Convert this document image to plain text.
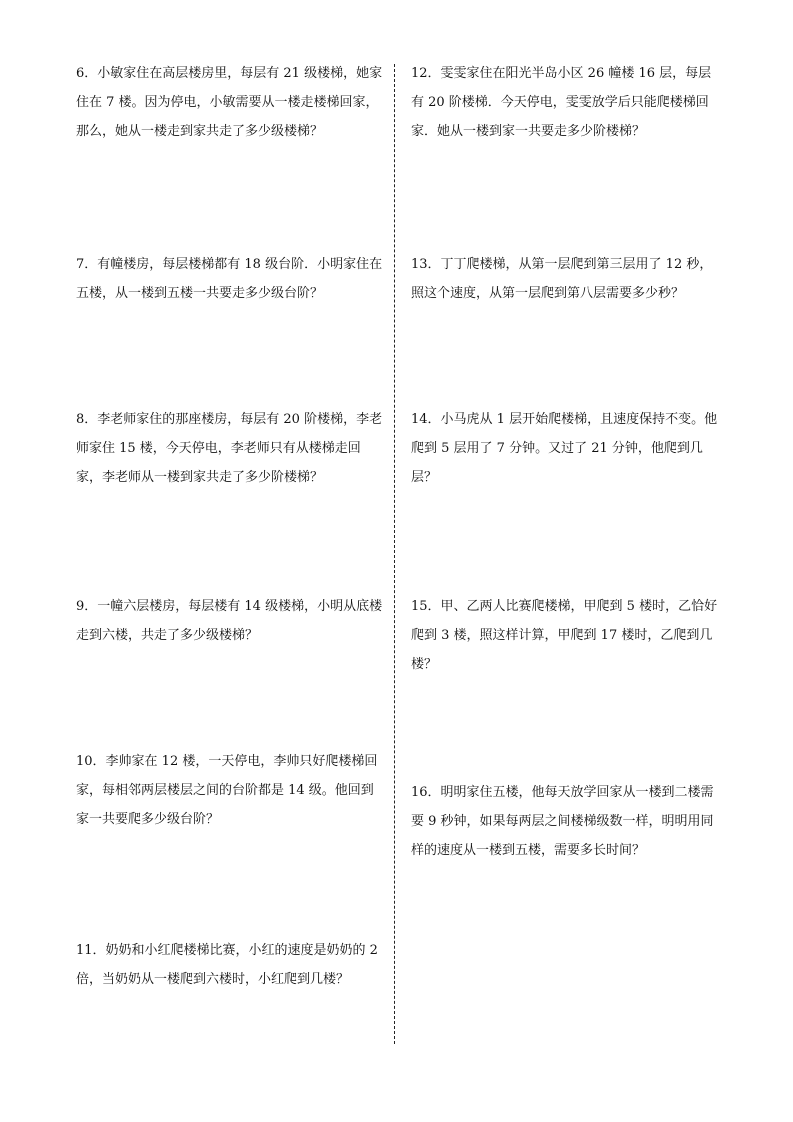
6．小敏家住在高层楼房里，每层有 21 级楼梯，她家住在 7 楼。因为停电，小敏需要从一楼走楼梯回家，那么，她从一楼走到家共走了多少级楼梯？

7．有幢楼房，每层楼梯都有 18 级台阶．小明家住在五楼，从一楼到五楼一共要走多少级台阶？

8．李老师家住的那座楼房，每层有 20 阶楼梯，李老师家住 15 楼，今天停电，李老师只有从楼梯走回家，李老师从一楼到家共走了多少阶楼梯？

9．一幢六层楼房，每层楼有 14 级楼梯，小明从底楼走到六楼，共走了多少级楼梯？

10．李帅家在 12 楼，一天停电，李帅只好爬楼梯回家，每相邻两层楼层之间的台阶都是 14 级。他回到家一共要爬多少级台阶？

11．奶奶和小红爬楼梯比赛，小红的速度是奶奶的 2 倍，当奶奶从一楼爬到六楼时，小红爬到几楼？

12．雯雯家住在阳光半岛小区 26 幢楼 16 层，每层有 20 阶楼梯．今天停电，雯雯放学后只能爬楼梯回家．她从一楼到家一共要走多少阶楼梯？

13．丁丁爬楼梯，从第一层爬到第三层用了 12 秒，照这个速度，从第一层爬到第八层需要多少秒？

14．小马虎从 1 层开始爬楼梯，且速度保持不变。他爬到 5 层用了 7 分钟。又过了 21 分钟，他爬到几层？

15．甲、乙两人比赛爬楼梯，甲爬到 5 楼时，乙恰好爬到 3 楼，照这样计算，甲爬到 17 楼时，乙爬到几楼？

16．明明家住五楼，他每天放学回家从一楼到二楼需要 9 秒钟，如果每两层之间楼梯级数一样，明明用同样的速度从一楼到五楼，需要多长时间？
